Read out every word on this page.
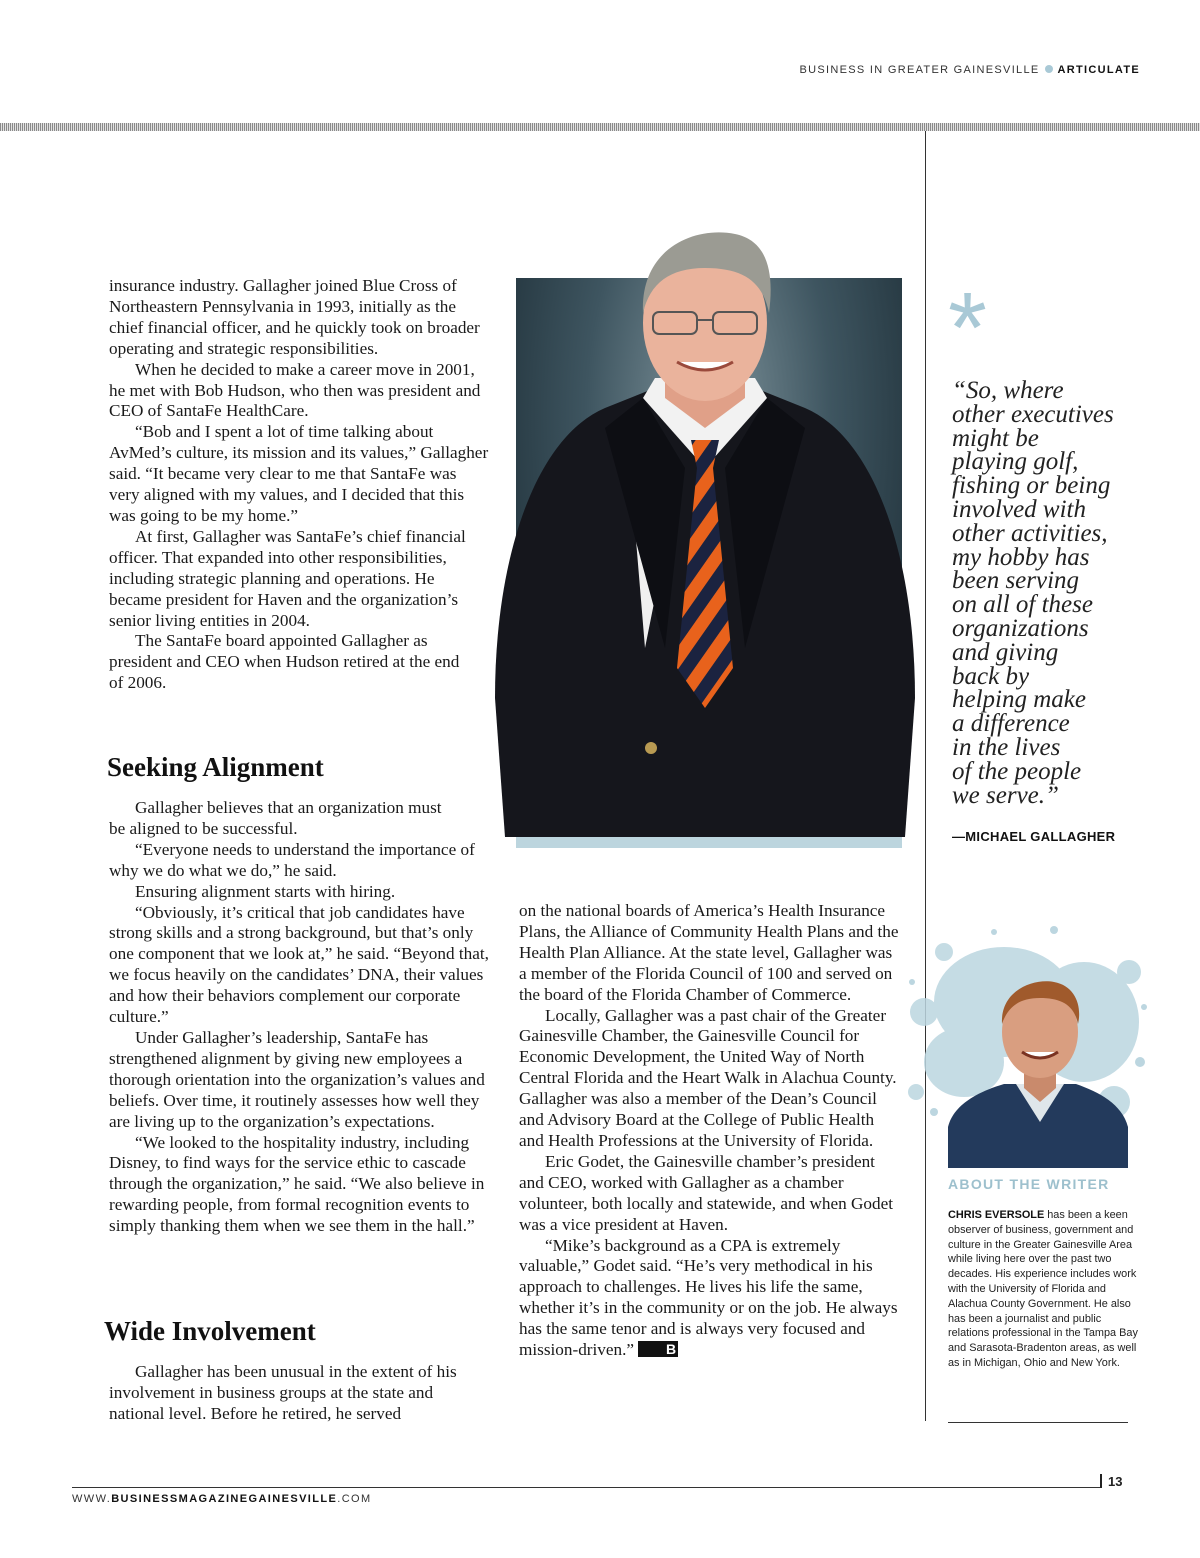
BUSINESS IN GREATER GAINESVILLE ARTICULATE

insurance industry. Gallagher joined Blue Cross of Northeastern Pennsylvania in 1993, initially as the chief financial officer, and he quickly took on broader operating and strategic responsibilities.

When he decided to make a career move in 2001, he met with Bob Hudson, who then was president and CEO of SantaFe HealthCare.

“Bob and I spent a lot of time talking about AvMed’s culture, its mission and its values,” Gallagher said. “It became very clear to me that SantaFe was very aligned with my values, and I decided that this was going to be my home.”

At first, Gallagher was SantaFe’s chief financial officer. That expanded into other responsibilities, including strategic planning and operations. He became president for Haven and the organization’s senior living entities in 2004.

The SantaFe board appointed Gallagher as president and CEO when Hudson retired at the end of 2006.

Seeking Alignment

Gallagher believes that an organization must be aligned to be successful.

“Everyone needs to understand the importance of why we do what we do,” he said.

Ensuring alignment starts with hiring.

“Obviously, it’s critical that job candidates have strong skills and a strong background, but that’s only one component that we look at,” he said. “Beyond that, we focus heavily on the candidates’ DNA, their values and how their behaviors complement our corporate culture.”

Under Gallagher’s leadership, SantaFe has strengthened alignment by giving new employees a thorough orientation into the organization’s values and beliefs. Over time, it routinely assesses how well they are living up to the organization’s expectations.

“We looked to the hospitality industry, including Disney, to find ways for the service ethic to cascade through the organization,” he said. “We also believe in rewarding people, from formal recognition events to simply thanking them when we see them in the hall.”

Wide Involvement

Gallagher has been unusual in the extent of his involvement in business groups at the state and national level. Before he retired, he served

on the national boards of America’s Health Insurance Plans, the Alliance of Community Health Plans and the Health Plan Alliance. At the state level, Gallagher was a member of the Florida Council of 100 and served on the board of the Florida Chamber of Commerce.

Locally, Gallagher was a past chair of the Greater Gainesville Chamber, the Gainesville Council for Economic Development, the United Way of North Central Florida and the Heart Walk in Alachua County. Gallagher was also a member of the Dean’s Council and Advisory Board at the College of Public Health and Health Professions at the University of Florida.

Eric Godet, the Gainesville chamber’s president and CEO, worked with Gallagher as a chamber volunteer, both locally and statewide, and when Godet was a vice president at Haven.

“Mike’s background as a CPA is extremely valuable,” Godet said. “He’s very methodical in his approach to challenges. He lives his life the same, whether it’s in the community or on the job. He always has the same tenor and is always very focused and mission-driven.” B

*
“So, where
other executives
might be
playing golf,
fishing or being
involved with
other activities,
my hobby has
been serving
on all of these
organizations
and giving
back by
helping make
a difference
in the lives
of the people
we serve.”
—MICHAEL GALLAGHER
ABOUT THE WRITER
CHRIS EVERSOLE has been a keen observer of business, government and culture in the Greater Gainesville Area while living here over the past two decades. His experience includes work with the University of Florida and Alachua County Government. He also has been a journalist and public relations professional in the Tampa Bay and Sarasota-Bradenton areas, as well as in Michigan, Ohio and New York.
13
WWW.BUSINESSMAGAZINEGAINESVILLE.COM
